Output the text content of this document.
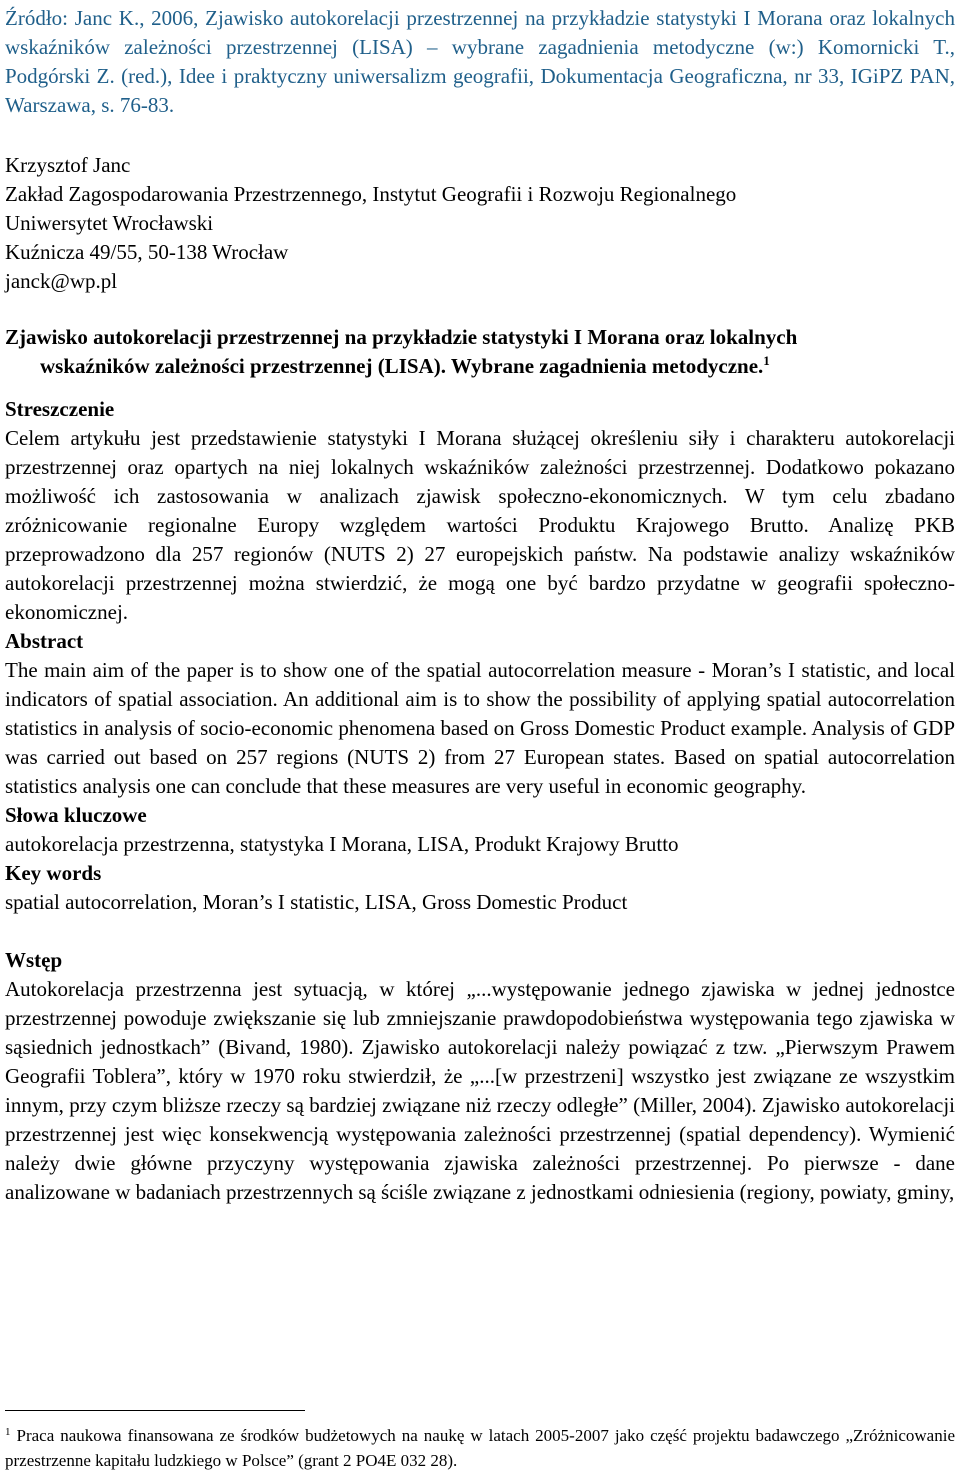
Źródło: Janc K., 2006, Zjawisko autokorelacji przestrzennej na przykładzie statystyki I Morana oraz lokalnych wskaźników zależności przestrzennej (LISA) – wybrane zagadnienia metodyczne (w:) Komornicki T., Podgórski Z. (red.), Idee i praktyczny uniwersalizm geografii, Dokumentacja Geograficzna, nr 33, IGiPZ PAN, Warszawa, s. 76-83.

Krzysztof Janc
Zakład Zagospodarowania Przestrzennego, Instytut Geografii i Rozwoju Regionalnego
Uniwersytet Wrocławski
Kuźnicza 49/55, 50-138 Wrocław
janck@wp.pl
Zjawisko autokorelacji przestrzennej na przykładzie statystyki I Morana oraz lokalnych
wskaźników zależności przestrzennej (LISA). Wybrane zagadnienia metodyczne.$^1$
Streszczenie

Celem artykułu jest przedstawienie statystyki I Morana służącej określeniu siły i charakteru autokorelacji przestrzennej oraz opartych na niej lokalnych wskaźników zależności przestrzennej. Dodatkowo pokazano możliwość ich zastosowania w analizach zjawisk społeczno-ekonomicznych. W tym celu zbadano zróżnicowanie regionalne Europy względem wartości Produktu Krajowego Brutto. Analizę PKB przeprowadzono dla 257 regionów (NUTS 2) 27 europejskich państw. Na podstawie analizy wskaźników autokorelacji przestrzennej można stwierdzić, że mogą one być bardzo przydatne w geografii społeczno-ekonomicznej.

Abstract

The main aim of the paper is to show one of the spatial autocorrelation measure - Moran’s I statistic, and local indicators of spatial association. An additional aim is to show the possibility of applying spatial autocorrelation statistics in analysis of socio-economic phenomena based on Gross Domestic Product example. Analysis of GDP was carried out based on 257 regions (NUTS 2) from 27 European states. Based on spatial autocorrelation statistics analysis one can conclude that these measures are very useful in economic geography.

Słowa kluczowe

autokorelacja przestrzenna, statystyka I Morana, LISA, Produkt Krajowy Brutto

Key words

spatial autocorrelation, Moran’s I statistic, LISA, Gross Domestic Product

Wstęp

Autokorelacja przestrzenna jest sytuacją, w której „...występowanie jednego zjawiska w jednej jednostce przestrzennej powoduje zwiększanie się lub zmniejszanie prawdopodobieństwa występowania tego zjawiska w sąsiednich jednostkach” (Bivand, 1980). Zjawisko autokorelacji należy powiązać z tzw. „Pierwszym Prawem Geografii Toblera”, który w 1970 roku stwierdził, że „...[w przestrzeni] wszystko jest związane ze wszystkim innym, przy czym bliższe rzeczy są bardziej związane niż rzeczy odległe” (Miller, 2004). Zjawisko autokorelacji przestrzennej jest więc konsekwencją występowania zależności przestrzennej (spatial dependency). Wymienić należy dwie główne przyczyny występowania zjawiska zależności przestrzennej. Po pierwsze - dane analizowane w badaniach przestrzennych są ściśle związane z jednostkami odniesienia (regiony, powiaty, gminy,

$^1$ Praca naukowa finansowana ze środków budżetowych na naukę w latach 2005-2007 jako część projektu badawczego „Zróżnicowanie przestrzenne kapitału ludzkiego w Polsce” (grant 2 PO4E 032 28).
